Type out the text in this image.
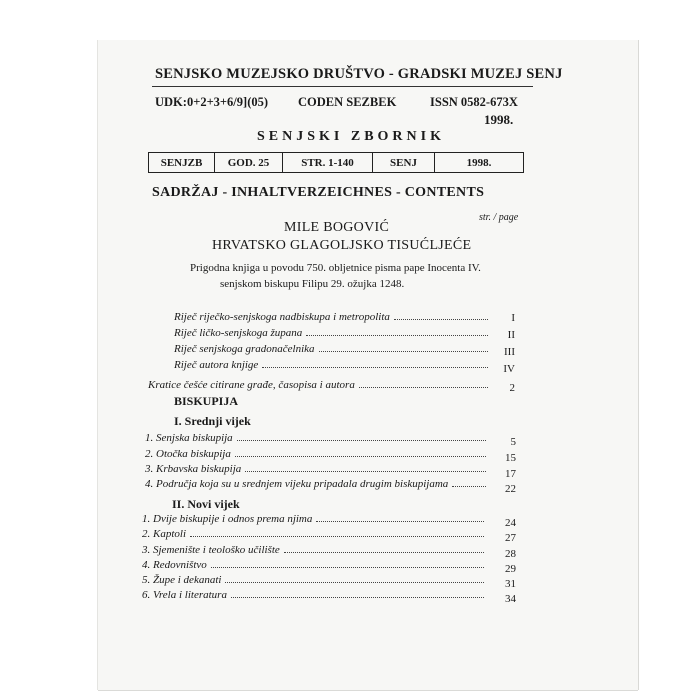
SENJSKO MUZEJSKO DRUŠTVO - GRADSKI MUZEJ SENJ
UDK:0+2+3+6/9](05) CODEN SEZBEK	ISSN 0582-673X
1998.
SENJSKI ZBORNIK
SENJZB	GOD. 25	STR. 1-140	SENJ	1998.
SADRŽAJ - INHALTVERZEICHNES - CONTENTS
str. / page
MILE BOGOVIĆ
HRVATSKO GLAGOLJSKO TISUĆLJEĆE
Prigodna knjiga u povodu 750. obljetnice pisma pape Inocenta IV.
senjskom biskupu Filipu 29. ožujka 1248.
Riječ riječko-senjskoga nadbiskupa i metropolita	I
Riječ ličko-senjskoga župana	II
Riječ senjskoga gradonačelnika	III
Riječ autora knjige	IV
Kratice češće citirane građe, časopisa i autora	2
BISKUPIJA
I. Srednji vijek
1. Senjska biskupija	5
2. Otočka biskupija	15
3. Krbavska biskupija	17
4. Područja koja su u srednjem vijeku pripadala drugim biskupijama	22
II. Novi vijek
1. Dvije biskupije i odnos prema njima	24
2. Kaptoli	27
3. Sjemenište i teološko učilište	28
4. Redovništvo	29
5. Župe i dekanati	31
6. Vrela i literatura	34
